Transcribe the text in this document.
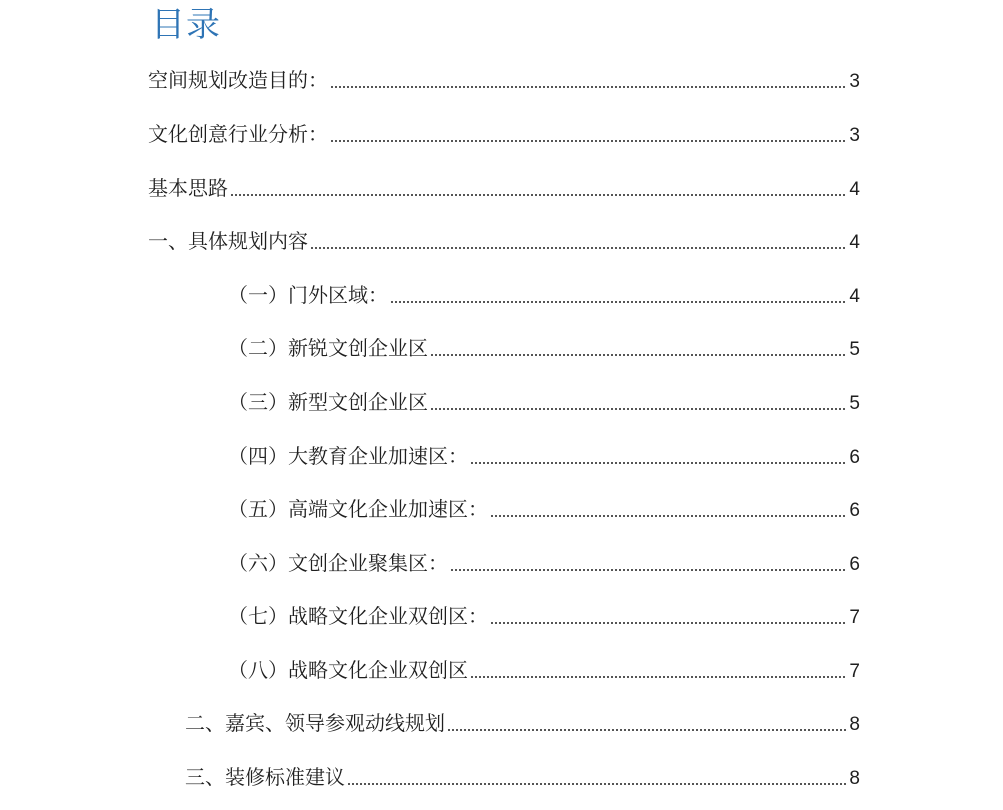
目录
空间规划改造目的：	3
文化创意行业分析：	3
基本思路	4
一、具体规划内容	4
（一）门外区域：	4
（二）新锐文创企业区	5
（三）新型文创企业区	5
（四）大教育企业加速区：	6
（五）高端文化企业加速区：	6
（六）文创企业聚集区：	6
（七）战略文化企业双创区：	7
（八）战略文化企业双创区	7
二、嘉宾、领导参观动线规划	8
三、装修标准建议	8
